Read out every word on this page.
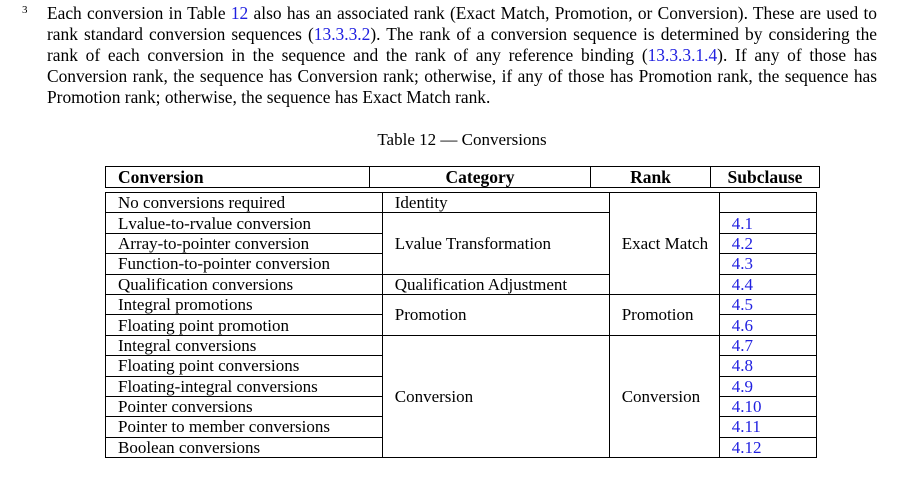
3 Each conversion in Table 12 also has an associated rank (Exact Match, Promotion, or Conversion). These are used to rank standard conversion sequences (13.3.3.2). The rank of a conversion sequence is determined by considering the rank of each conversion in the sequence and the rank of any reference binding (13.3.3.1.4). If any of those has Conversion rank, the sequence has Conversion rank; otherwise, if any of those has Promotion rank, the sequence has Promotion rank; otherwise, the sequence has Exact Match rank.
Table 12 — Conversions
Conversion	Category	Rank	Subclause
No conversions required	Identity	Exact Match	
Lvalue-to-rvalue conversion	Lvalue Transformation		4.1
Array-to-pointer conversion			4.2
Function-to-pointer conversion			4.3
Qualification conversions	Qualification Adjustment		4.4
Integral promotions	Promotion	Promotion	4.5
Floating point promotion			4.6
Integral conversions	Conversion	Conversion	4.7
Floating point conversions			4.8
Floating-integral conversions			4.9
Pointer conversions			4.10
Pointer to member conversions			4.11
Boolean conversions			4.12
